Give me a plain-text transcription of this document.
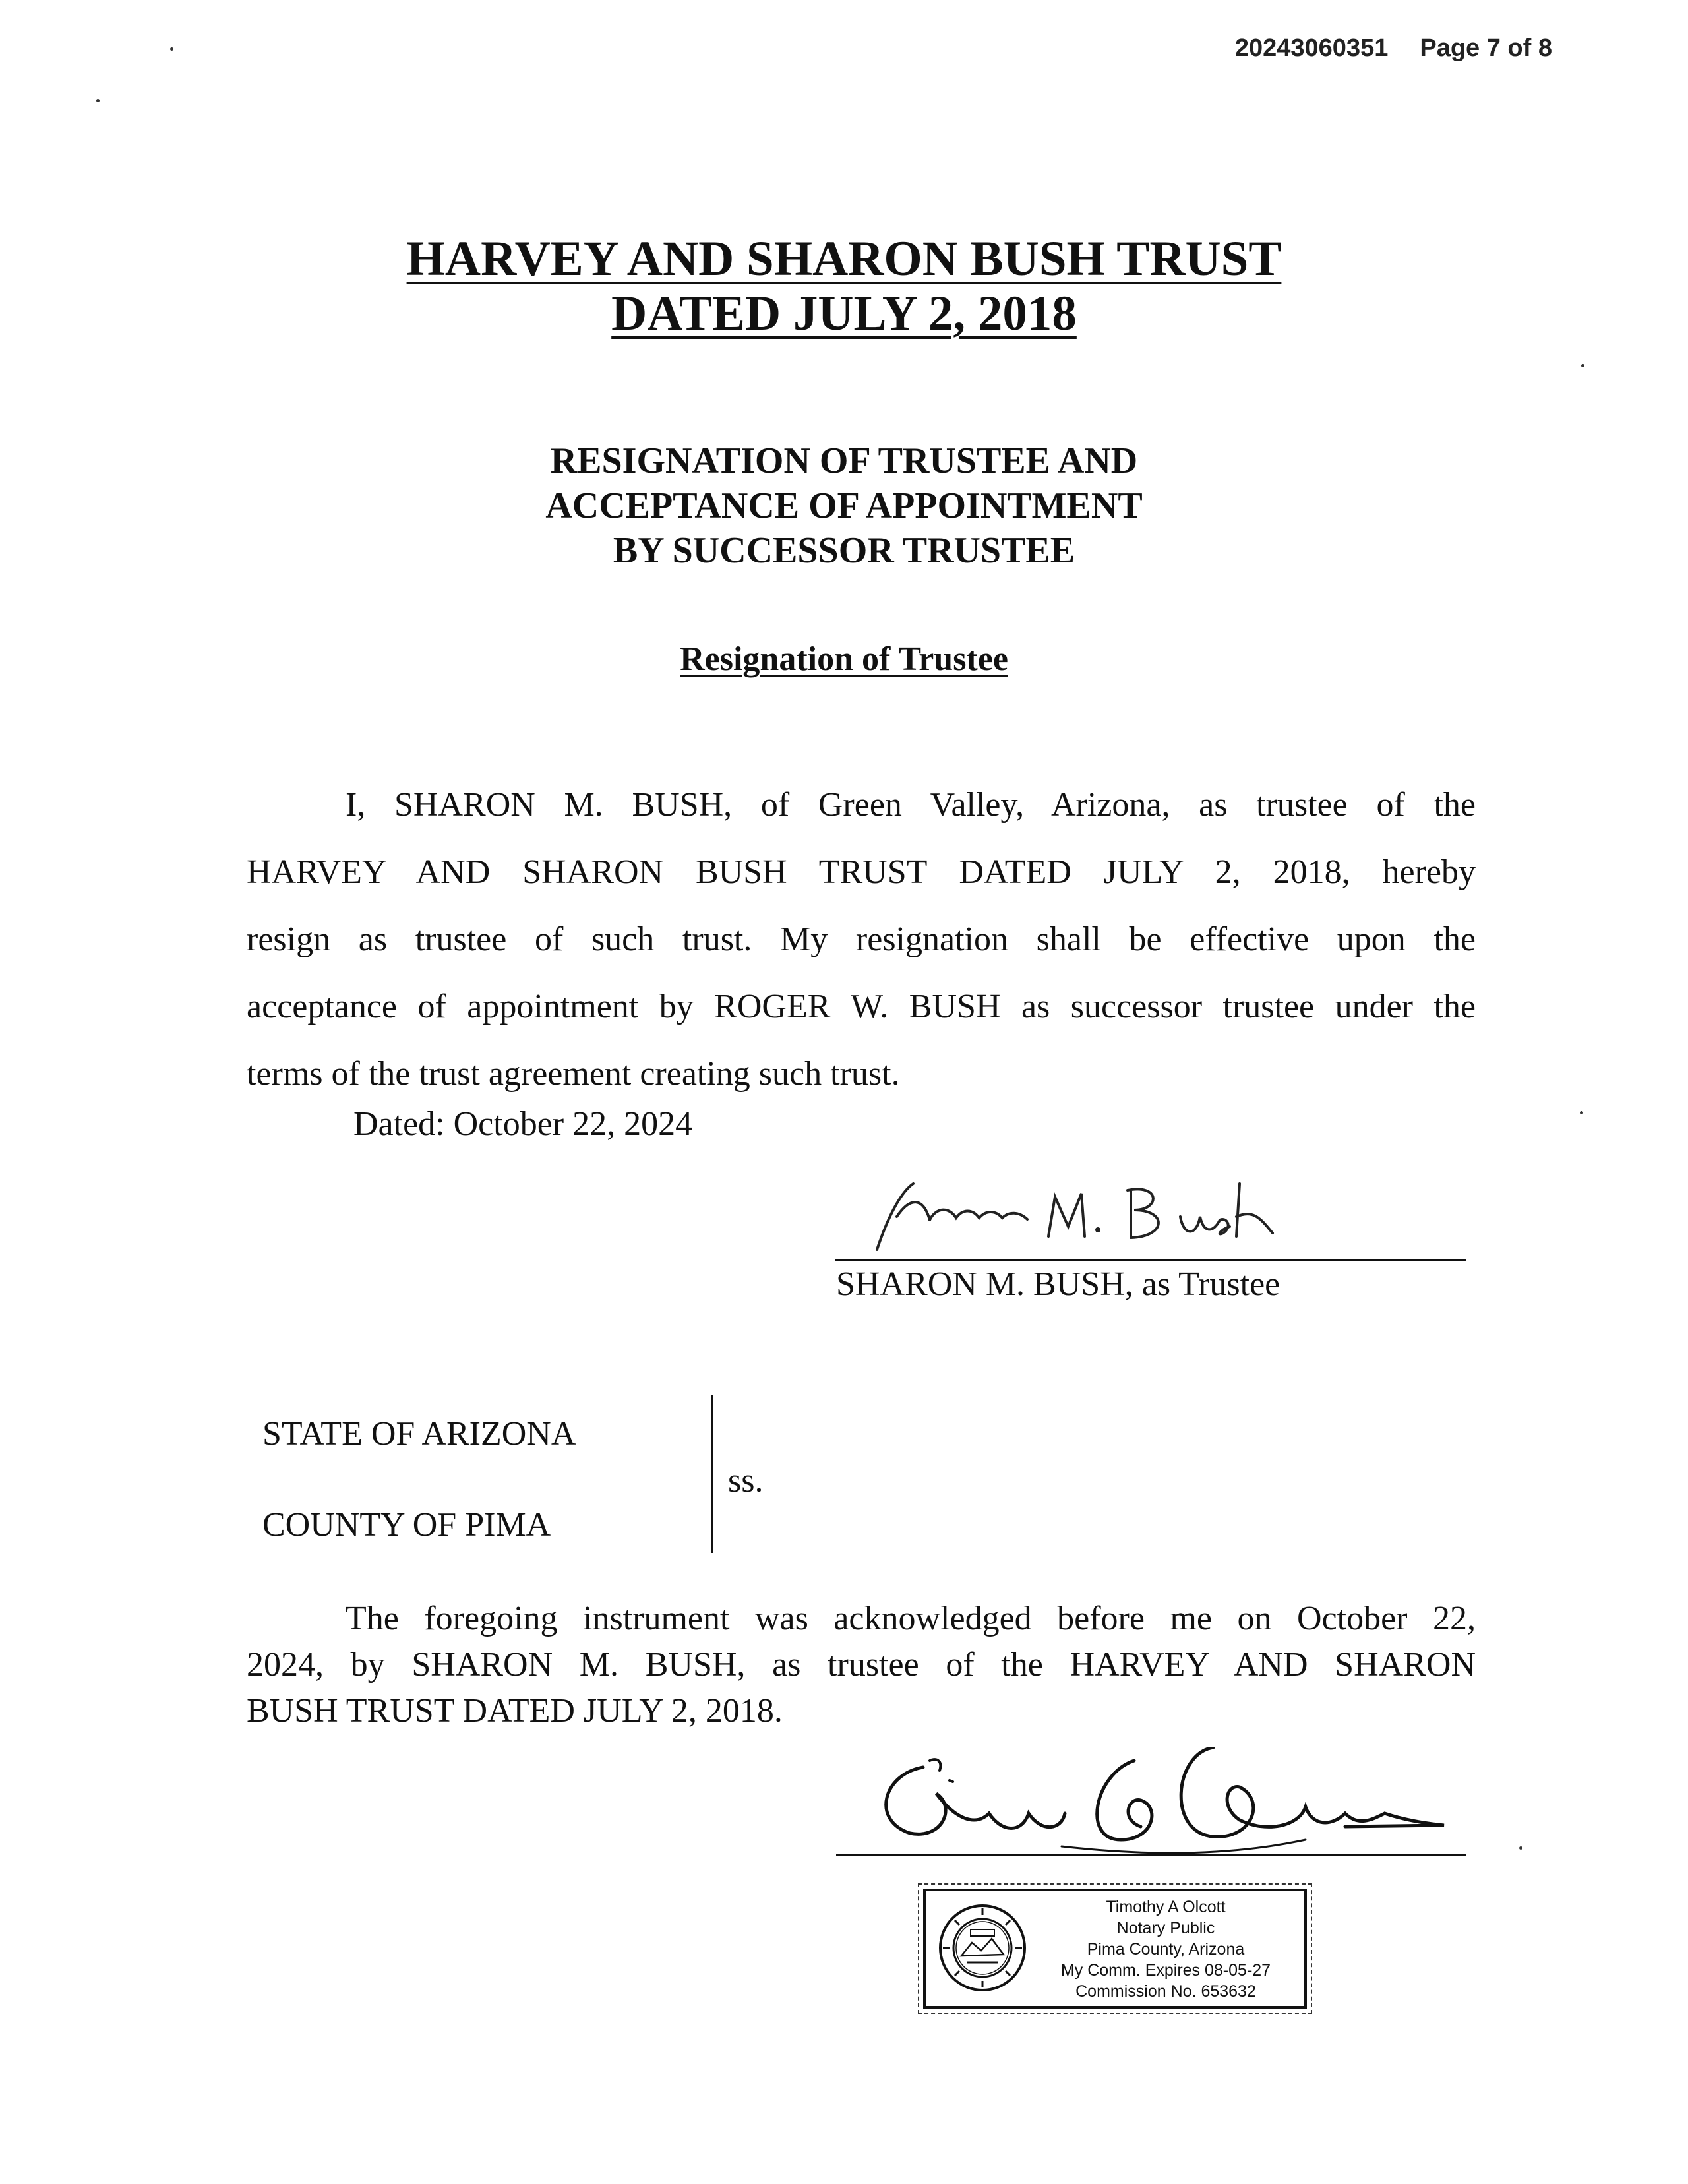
20243060351 Page 7 of 8
HARVEY AND SHARON BUSH TRUST
DATED JULY 2, 2018
RESIGNATION OF TRUSTEE AND
ACCEPTANCE OF APPOINTMENT
BY SUCCESSOR TRUSTEE
Resignation of Trustee
I, SHARON M. BUSH, of Green Valley, Arizona, as trustee of the
HARVEY AND SHARON BUSH TRUST DATED JULY 2, 2018, hereby
resign as trustee of such trust. My resignation shall be effective upon the
acceptance of appointment by ROGER W. BUSH as successor trustee under the
terms of the trust agreement creating such trust.
Dated: October 22, 2024
SHARON M. BUSH, as Trustee
STATE OF ARIZONA
COUNTY OF PIMA
ss.
The foregoing instrument was acknowledged before me on October 22,
2024, by SHARON M. BUSH, as trustee of the HARVEY AND SHARON
BUSH TRUST DATED JULY 2, 2018.
Timothy A Olcott
Notary Public
Pima County, Arizona
My Comm. Expires 08-05-27
Commission No. 653632
